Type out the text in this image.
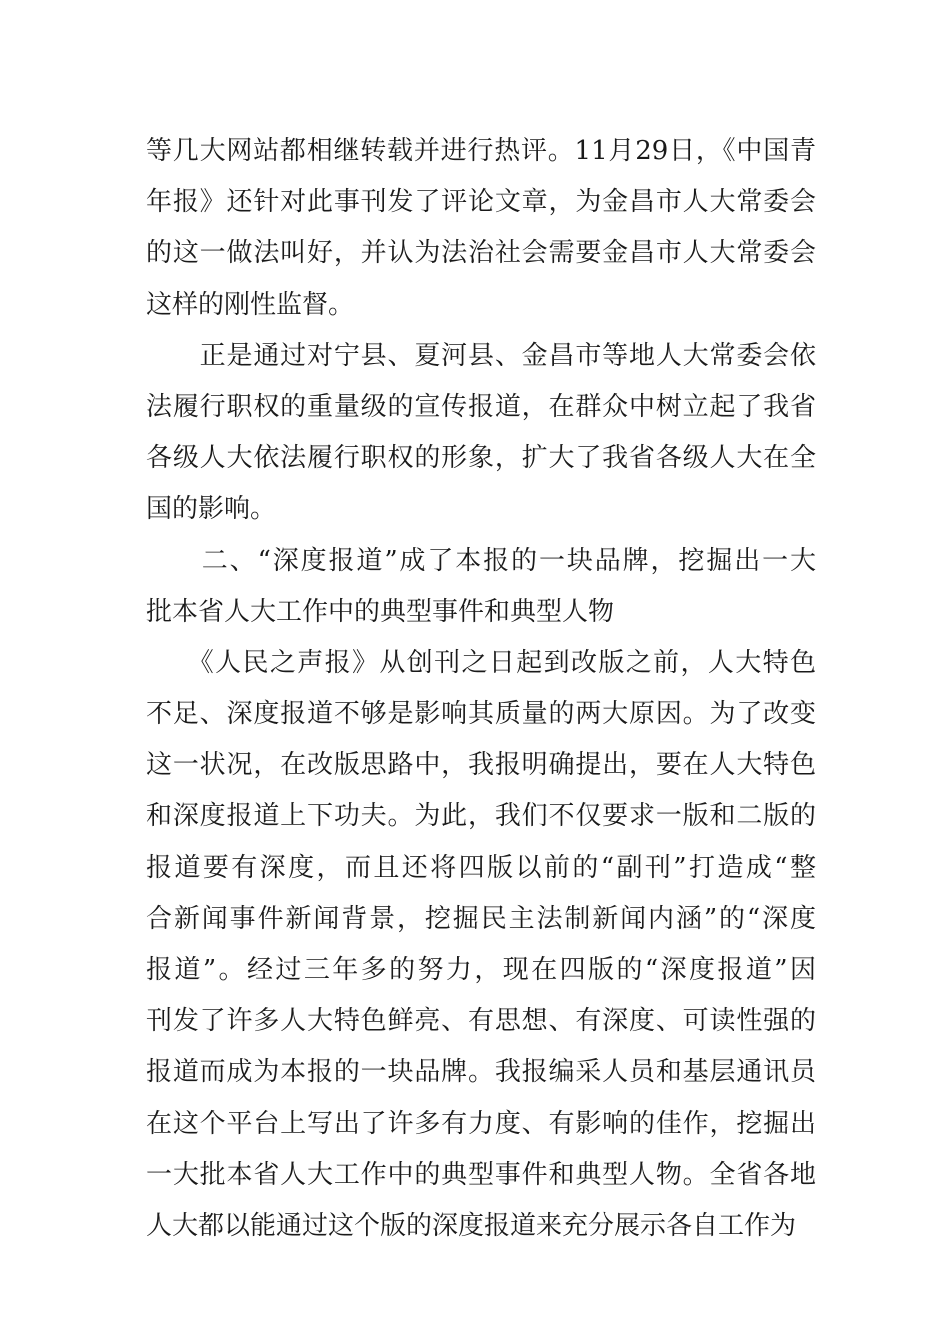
等几大网站都相继转载并进行热评。11月29日，《中国青
年报》还针对此事刊发了评论文章，为金昌市人大常委会
的这一做法叫好，并认为法治社会需要金昌市人大常委会
这样的刚性监督。
　　正是通过对宁县、夏河县、金昌市等地人大常委会依
法履行职权的重量级的宣传报道，在群众中树立起了我省
各级人大依法履行职权的形象，扩大了我省各级人大在全
国的影响。
　　二、“深度报道”成了本报的一块品牌，挖掘出一大
批本省人大工作中的典型事件和典型人物
　　《人民之声报》从创刊之日起到改版之前，人大特色
不足、深度报道不够是影响其质量的两大原因。为了改变
这一状况，在改版思路中，我报明确提出，要在人大特色
和深度报道上下功夫。为此，我们不仅要求一版和二版的
报道要有深度，而且还将四版以前的“副刊”打造成“整
合新闻事件新闻背景，挖掘民主法制新闻内涵”的“深度
报道”。经过三年多的努力，现在四版的“深度报道”因
刊发了许多人大特色鲜亮、有思想、有深度、可读性强的
报道而成为本报的一块品牌。我报编采人员和基层通讯员
在这个平台上写出了许多有力度、有影响的佳作，挖掘出
一大批本省人大工作中的典型事件和典型人物。全省各地
人大都以能通过这个版的深度报道来充分展示各自工作为
